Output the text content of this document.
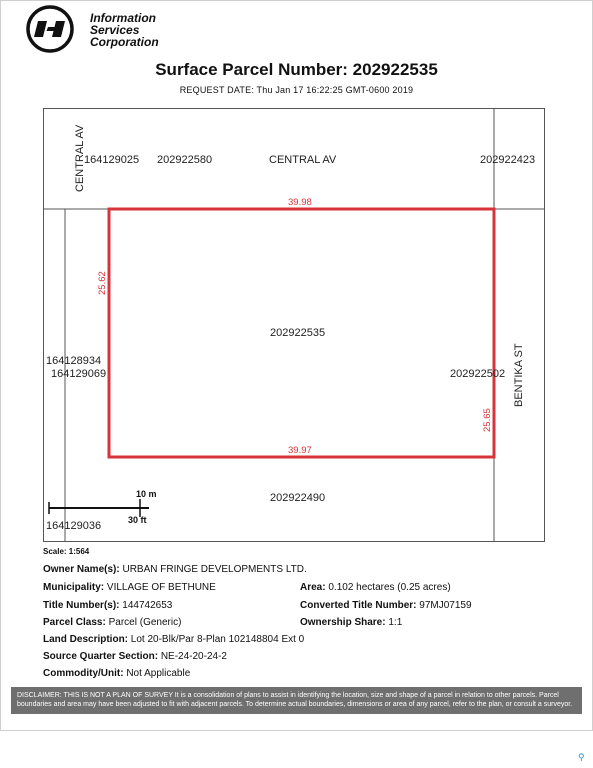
Information
Services
Corporation
Surface Parcel Number: 202922535
REQUEST DATE: Thu Jan 17 16:22:25 GMT-0600 2019
CENTRAL AV
164129025 202922580	CENTRAL AV	202922423
39.98
25.62
25.65
39.97
202922535
164128934
164129069	202922502 BENTIKA ST
202922490
10 m
30 ft
164129036
Scale: 1:564
Owner Name(s): URBAN FRINGE DEVELOPMENTS LTD.
Municipality: VILLAGE OF BETHUNE	Area: 0.102 hectares (0.25 acres)
Title Number(s): 144742653	Converted Title Number: 97MJ07159
Parcel Class: Parcel (Generic)	Ownership Share: 1:1
Land Description: Lot 20-Blk/Par 8-Plan 102148804 Ext 0
Source Quarter Section: NE-24-20-24-2
Commodity/Unit: Not Applicable
DISCLAIMER: THIS IS NOT A PLAN OF SURVEY It is a consolidation of plans to assist in identifying the location, size and shape of a parcel in relation to other parcels. Parcel boundaries and area may have been adjusted to fit with adjacent parcels. To determine actual boundaries, dimensions or area of any parcel, refer to the plan, or consult a surveyor.
⚲
